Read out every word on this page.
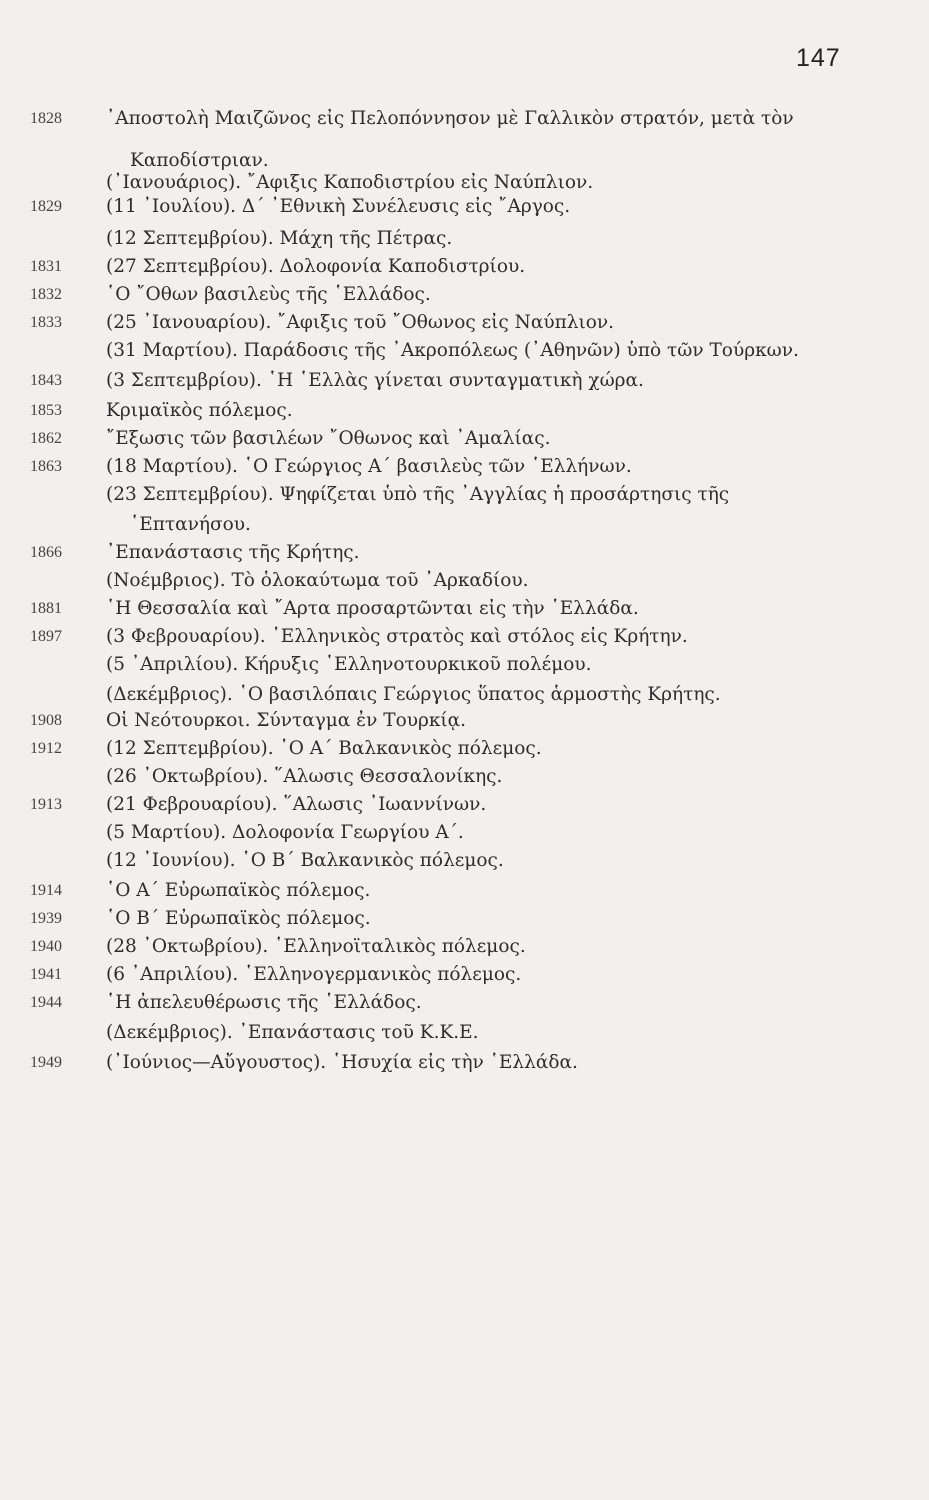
147
1828	᾿Αποστολὴ Μαιζῶνος εἰς Πελοπόννησον μὲ Γαλλικὸν στρατόν, μετὰ τὸν
Καποδίστριαν.
(᾿Ιανουάριος). ῎Αφιξις Καποδιστρίου εἰς Ναύπλιον.
1829	(11 ᾿Ιουλίου). Δ΄ ᾿Εθνικὴ Συνέλευσις εἰς ῎Αργος.
(12 Σεπτεμβρίου). Μάχη τῆς Πέτρας.
1831	(27 Σεπτεμβρίου). Δολοφονία Καποδιστρίου.
1832	῾Ο ῎Οθων βασιλεὺς τῆς ῾Ελλάδος.
1833	(25 ᾿Ιανουαρίου). ῎Αφιξις τοῦ ῎Οθωνος εἰς Ναύπλιον.
(31 Μαρτίου). Παράδοσις τῆς ᾿Ακροπόλεως (᾿Αθηνῶν) ὑπὸ τῶν Τούρκων.
1843	(3 Σεπτεμβρίου). ῾Η ῾Ελλὰς γίνεται συνταγματικὴ χώρα.
1853	Κριμαϊκὸς πόλεμος.
1862	῎Εξωσις τῶν βασιλέων ῎Οθωνος καὶ ᾿Αμαλίας.
1863	(18 Μαρτίου). ῾Ο Γεώργιος Α΄ βασιλεὺς τῶν ῾Ελλήνων.
(23 Σεπτεμβρίου). Ψηφίζεται ὑπὸ τῆς ᾿Αγγλίας ἡ προσάρτησις τῆς
῾Επτανήσου.
1866	᾿Επανάστασις τῆς Κρήτης.
(Νοέμβριος). Τὸ ὁλοκαύτωμα τοῦ ᾿Αρκαδίου.
1881	῾Η Θεσσαλία καὶ ῎Αρτα προσαρτῶνται εἰς τὴν ῾Ελλάδα.
1897	(3 Φεβρουαρίου). ῾Ελληνικὸς στρατὸς καὶ στόλος εἰς Κρήτην.
(5 ᾿Απριλίου). Κήρυξις ῾Ελληνοτουρκικοῦ πολέμου.
(Δεκέμβριος). ῾Ο βασιλόπαις Γεώργιος ὕπατος ἁρμοστὴς Κρήτης.
1908	Οἱ Νεότουρκοι. Σύνταγμα ἐν Τουρκίᾳ.
1912	(12 Σεπτεμβρίου). ῾Ο Α΄ Βαλκανικὸς πόλεμος.
(26 ᾿Οκτωβρίου). ῞Αλωσις Θεσσαλονίκης.
1913	(21 Φεβρουαρίου). ῞Αλωσις ᾿Ιωαννίνων.
(5 Μαρτίου). Δολοφονία Γεωργίου Α΄.
(12 ᾿Ιουνίου). ῾Ο Β΄ Βαλκανικὸς πόλεμος.
1914	῾Ο Α΄ Εὐρωπαϊκὸς πόλεμος.
1939	῾Ο Β΄ Εὐρωπαϊκὸς πόλεμος.
1940	(28 ᾿Οκτωβρίου). ῾Ελληνοϊταλικὸς πόλεμος.
1941	(6 ᾿Απριλίου). ῾Ελληνογερμανικὸς πόλεμος.
1944	῾Η ἀπελευθέρωσις τῆς ῾Ελλάδος.
(Δεκέμβριος). ᾿Επανάστασις τοῦ Κ.Κ.Ε.
1949	(᾿Ιούνιος—Αὔγουστος). ῾Ησυχία εἰς τὴν ῾Ελλάδα.
